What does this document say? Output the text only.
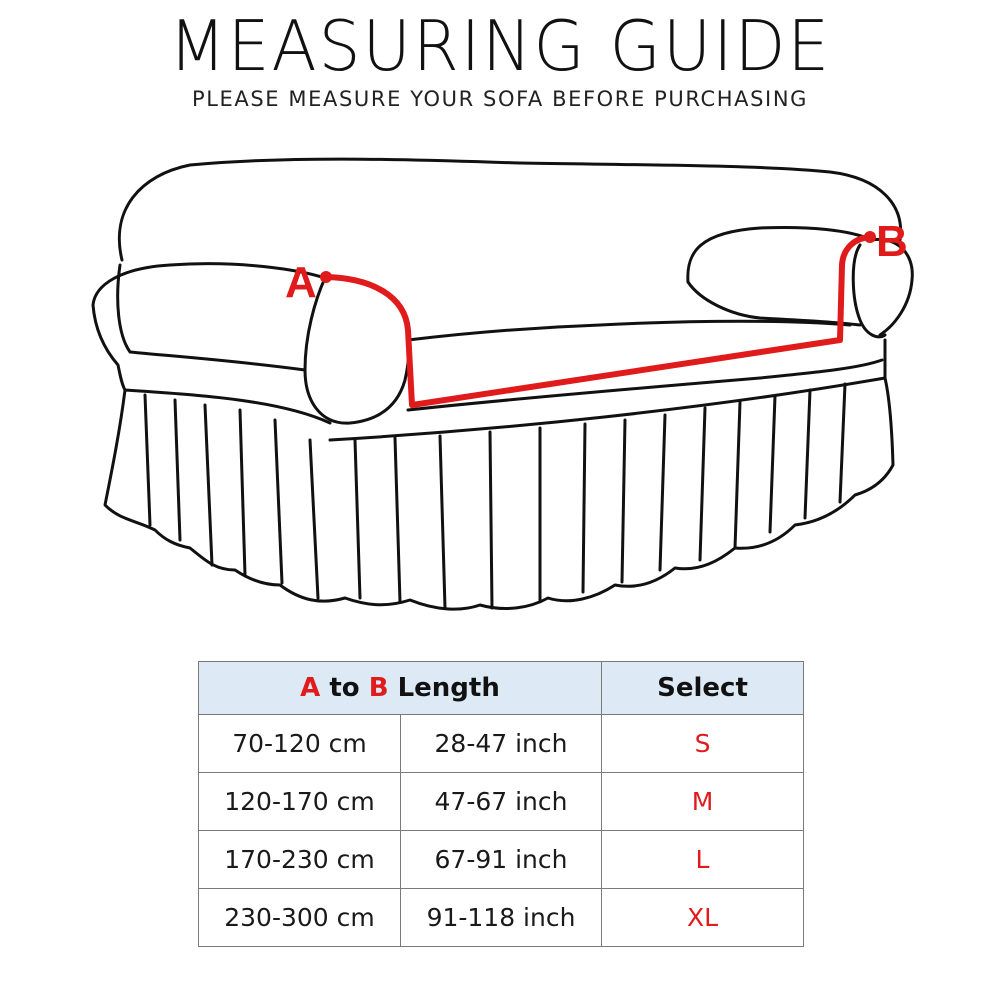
MEASURING GUIDE
PLEASE MEASURE YOUR SOFA BEFORE PURCHASING
A
B
A to B Length		Select
70-120 cm	28-47 inch	S
120-170 cm	47-67 inch	M
170-230 cm	67-91 inch	L
230-300 cm	91-118 inch	XL
